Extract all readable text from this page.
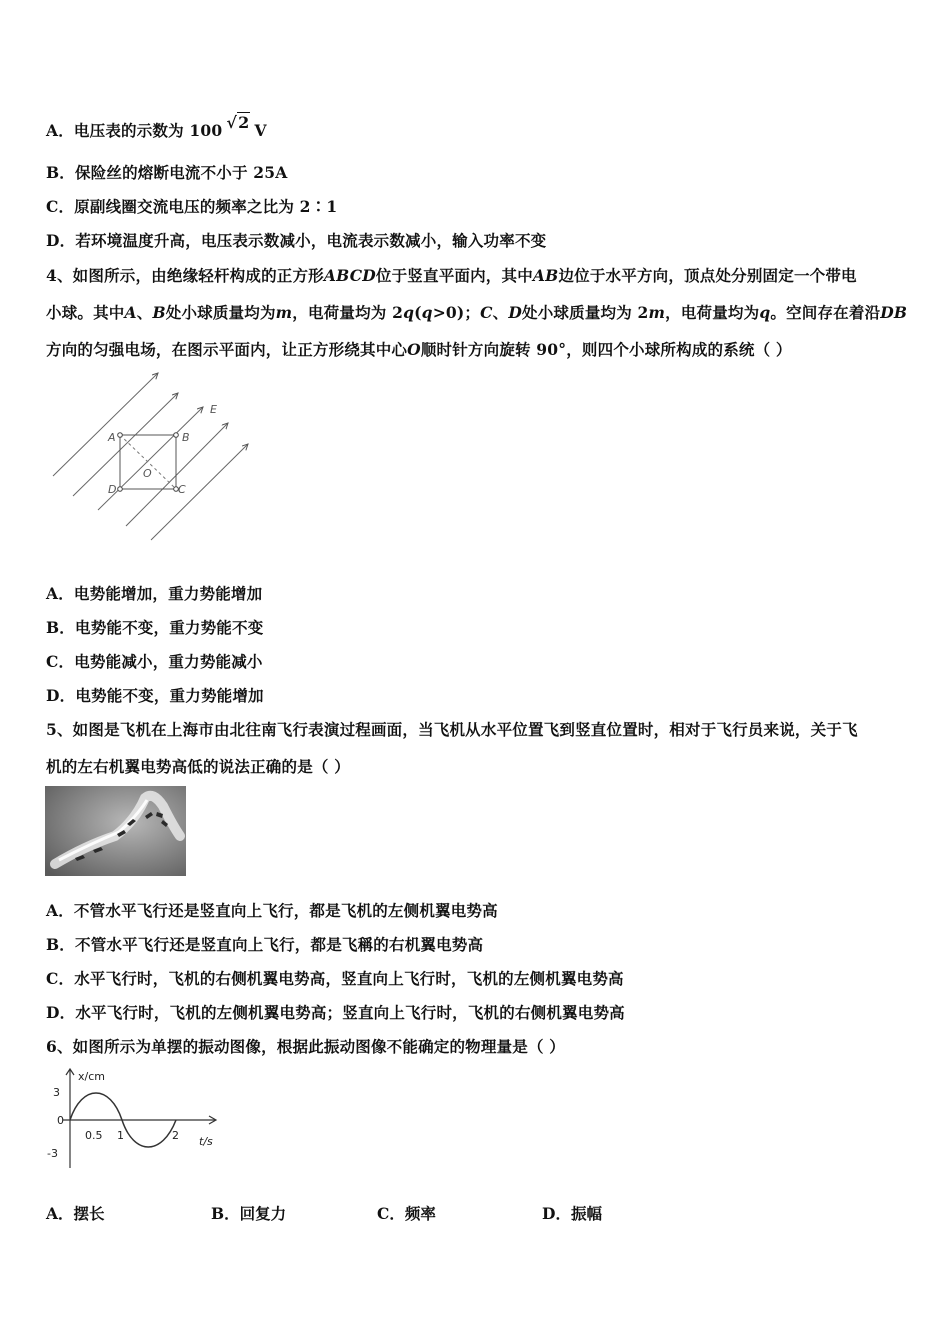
A．电压表的示数为 100 √2 V
B．保险丝的熔断电流不小于 25A
C．原副线圈交流电压的频率之比为 2∶1
D．若环境温度升高，电压表示数减小，电流表示数减小，输入功率不变
4、如图所示，由绝缘轻杆构成的正方形ABCD位于竖直平面内，其中AB边位于水平方向，顶点处分别固定一个带电
小球。其中A、B处小球质量均为m，电荷量均为 2q(q>0)；C、D处小球质量均为 2m，电荷量均为q。空间存在着沿DB
方向的匀强电场，在图示平面内，让正方形绕其中心O顺时针方向旋转 90°，则四个小球所构成的系统（ ）
A	B
C
D
O
E
A．电势能增加，重力势能增加
B．电势能不变，重力势能不变
C．电势能减小，重力势能减小
D．电势能不变，重力势能增加
5、如图是飞机在上海市由北往南飞行表演过程画面，当飞机从水平位置飞到竖直位置时，相对于飞行员来说，关于飞
机的左右机翼电势高低的说法正确的是（ ）
A．不管水平飞行还是竖直向上飞行，都是飞机的左侧机翼电势高
B．不管水平飞行还是竖直向上飞行，都是飞稱的右机翼电势高
C．水平飞行时，飞机的右侧机翼电势高，竖直向上飞行时，飞机的左侧机翼电势高
D．水平飞行时，飞机的左侧机翼电势高；竖直向上飞行时，飞机的右侧机翼电势高
6、如图所示为单摆的振动图像，根据此振动图像不能确定的物理量是（ ）
x/cm
t/s
3
0
-3
0.5 1	2
A．摆长	B．回复力	C．频率	D．振幅
